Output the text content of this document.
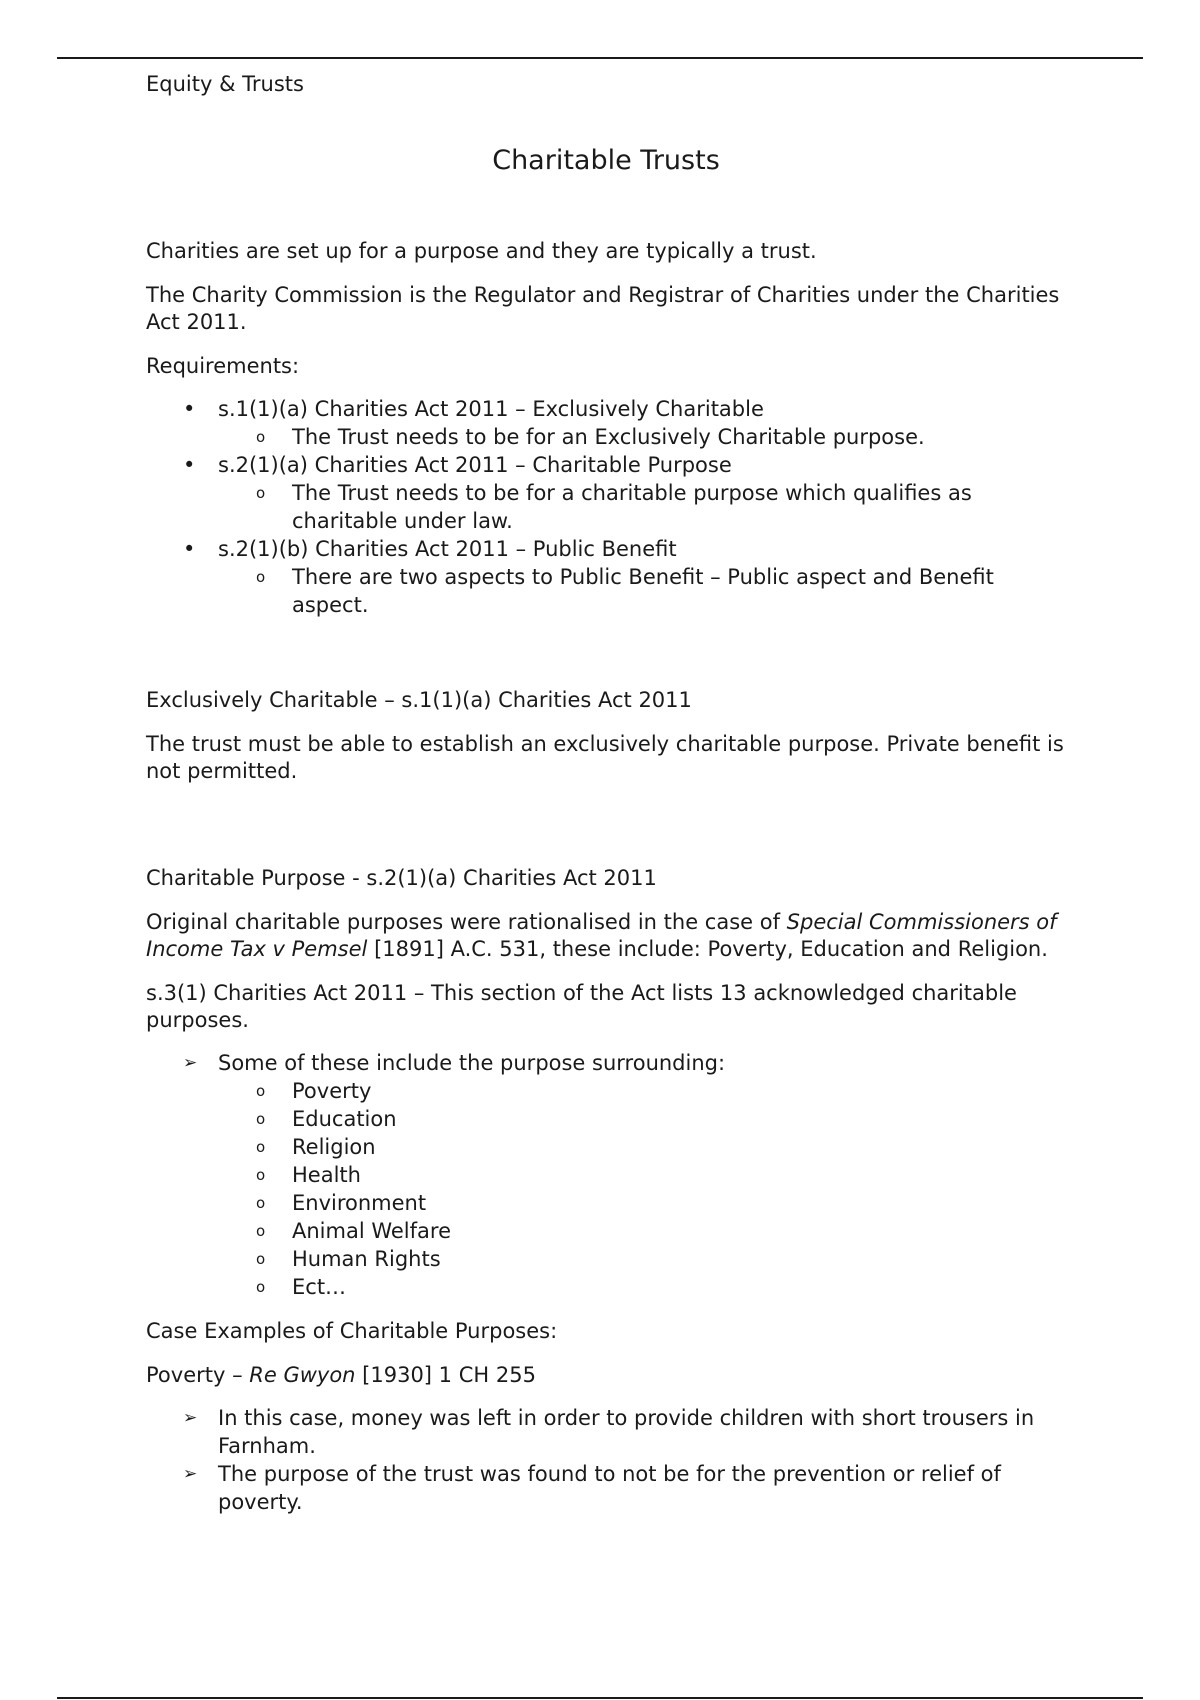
Equity & Trusts

Charitable Trusts

Charities are set up for a purpose and they are typically a trust.

The Charity Commission is the Regulator and Registrar of Charities under the Charities Act 2011.

Requirements:

• s.1(1)(a) Charities Act 2011 – Exclusively Charitable
o The Trust needs to be for an Exclusively Charitable purpose.
• s.2(1)(a) Charities Act 2011 – Charitable Purpose
o The Trust needs to be for a charitable purpose which qualifies as charitable under law.
• s.2(1)(b) Charities Act 2011 – Public Benefit
o There are two aspects to Public Benefit – Public aspect and Benefit aspect.

Exclusively Charitable – s.1(1)(a) Charities Act 2011

The trust must be able to establish an exclusively charitable purpose. Private benefit is not permitted.

Charitable Purpose - s.2(1)(a) Charities Act 2011

Original charitable purposes were rationalised in the case of Special Commissioners of Income Tax v Pemsel [1891] A.C. 531, these include: Poverty, Education and Religion.

s.3(1) Charities Act 2011 – This section of the Act lists 13 acknowledged charitable purposes.

➢ Some of these include the purpose surrounding:
o Poverty
o Education
o Religion
o Health
o Environment
o Animal Welfare
o Human Rights
o Ect…

Case Examples of Charitable Purposes:

Poverty – Re Gwyon [1930] 1 CH 255

➢ In this case, money was left in order to provide children with short trousers in Farnham.
➢ The purpose of the trust was found to not be for the prevention or relief of poverty.
